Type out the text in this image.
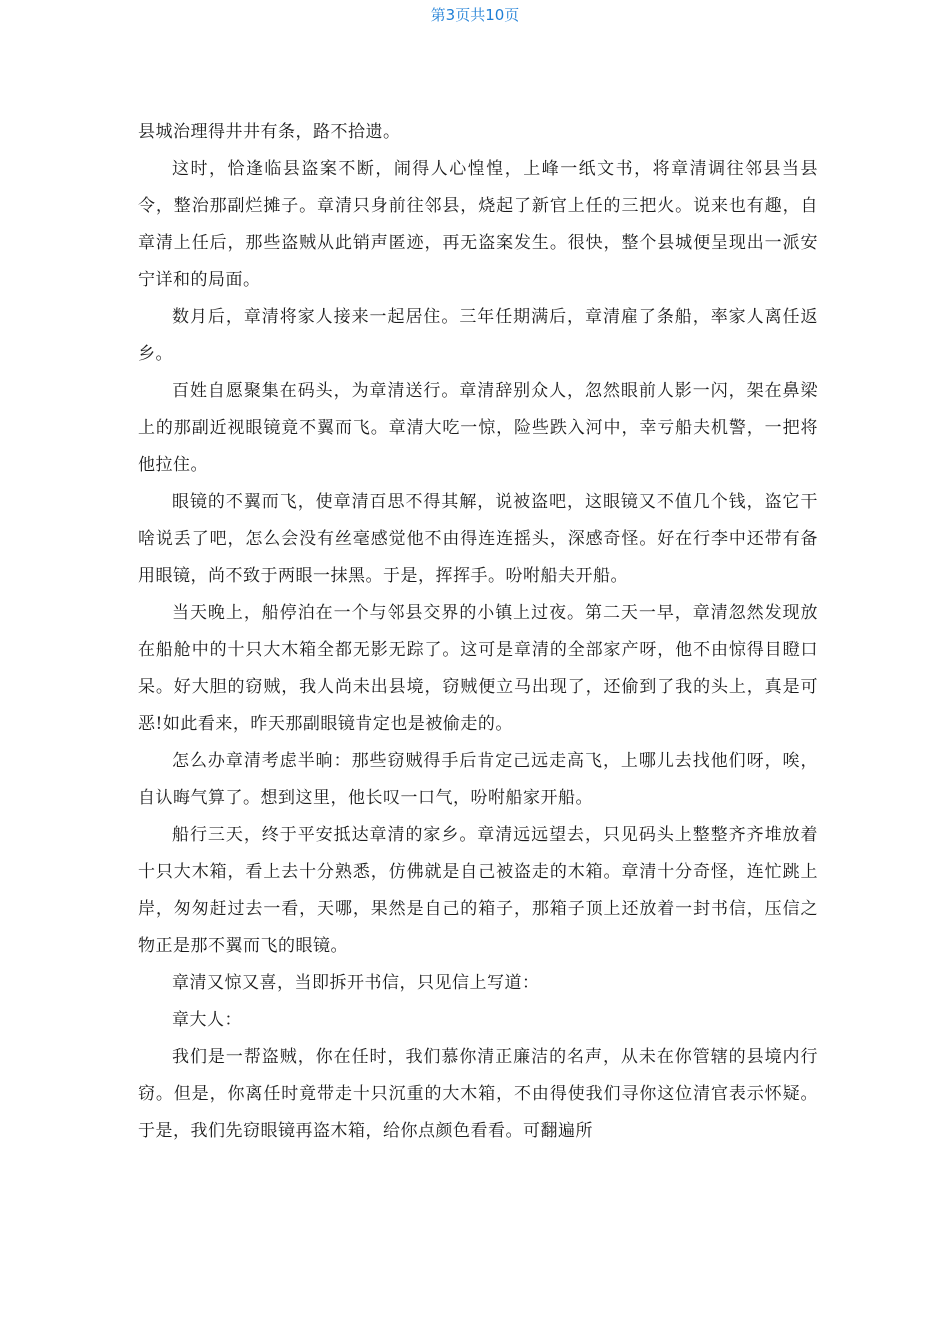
第3页共10页

县城治理得井井有条，路不拾遗。

这时，恰逢临县盗案不断，闹得人心惶惶，上峰一纸文书，将章清调往邻县当县令，整治那副烂摊子。章清只身前往邻县，烧起了新官上任的三把火。说来也有趣，自章清上任后，那些盗贼从此销声匿迹，再无盗案发生。很快，整个县城便呈现出一派安宁详和的局面。

数月后，章清将家人接来一起居住。三年任期满后，章清雇了条船，率家人离任返乡。

百姓自愿聚集在码头，为章清送行。章清辞别众人，忽然眼前人影一闪，架在鼻梁上的那副近视眼镜竟不翼而飞。章清大吃一惊，险些跌入河中，幸亏船夫机警，一把将他拉住。

眼镜的不翼而飞，使章清百思不得其解，说被盗吧，这眼镜又不值几个钱，盗它干啥说丢了吧，怎么会没有丝毫感觉他不由得连连摇头，深感奇怪。好在行李中还带有备用眼镜，尚不致于两眼一抹黑。于是，挥挥手。吩咐船夫开船。

当天晚上，船停泊在一个与邻县交界的小镇上过夜。第二天一早，章清忽然发现放在船舱中的十只大木箱全都无影无踪了。这可是章清的全部家产呀，他不由惊得目瞪口呆。好大胆的窃贼，我人尚未出县境，窃贼便立马出现了，还偷到了我的头上，真是可恶!如此看来，昨天那副眼镜肯定也是被偷走的。

怎么办章清考虑半晌：那些窃贼得手后肯定己远走高飞，上哪儿去找他们呀，唉，自认晦气算了。想到这里，他长叹一口气，吩咐船家开船。

船行三天，终于平安抵达章清的家乡。章清远远望去，只见码头上整整齐齐堆放着十只大木箱，看上去十分熟悉，仿佛就是自己被盗走的木箱。章清十分奇怪，连忙跳上岸，匆匆赶过去一看，天哪，果然是自己的箱子，那箱子顶上还放着一封书信，压信之物正是那不翼而飞的眼镜。

章清又惊又喜，当即拆开书信，只见信上写道：

章大人：

我们是一帮盗贼，你在任时，我们慕你清正廉洁的名声，从未在你管辖的县境内行窃。但是，你离任时竟带走十只沉重的大木箱，不由得使我们寻你这位清官表示怀疑。于是，我们先窃眼镜再盗木箱，给你点颜色看看。可翻遍所
